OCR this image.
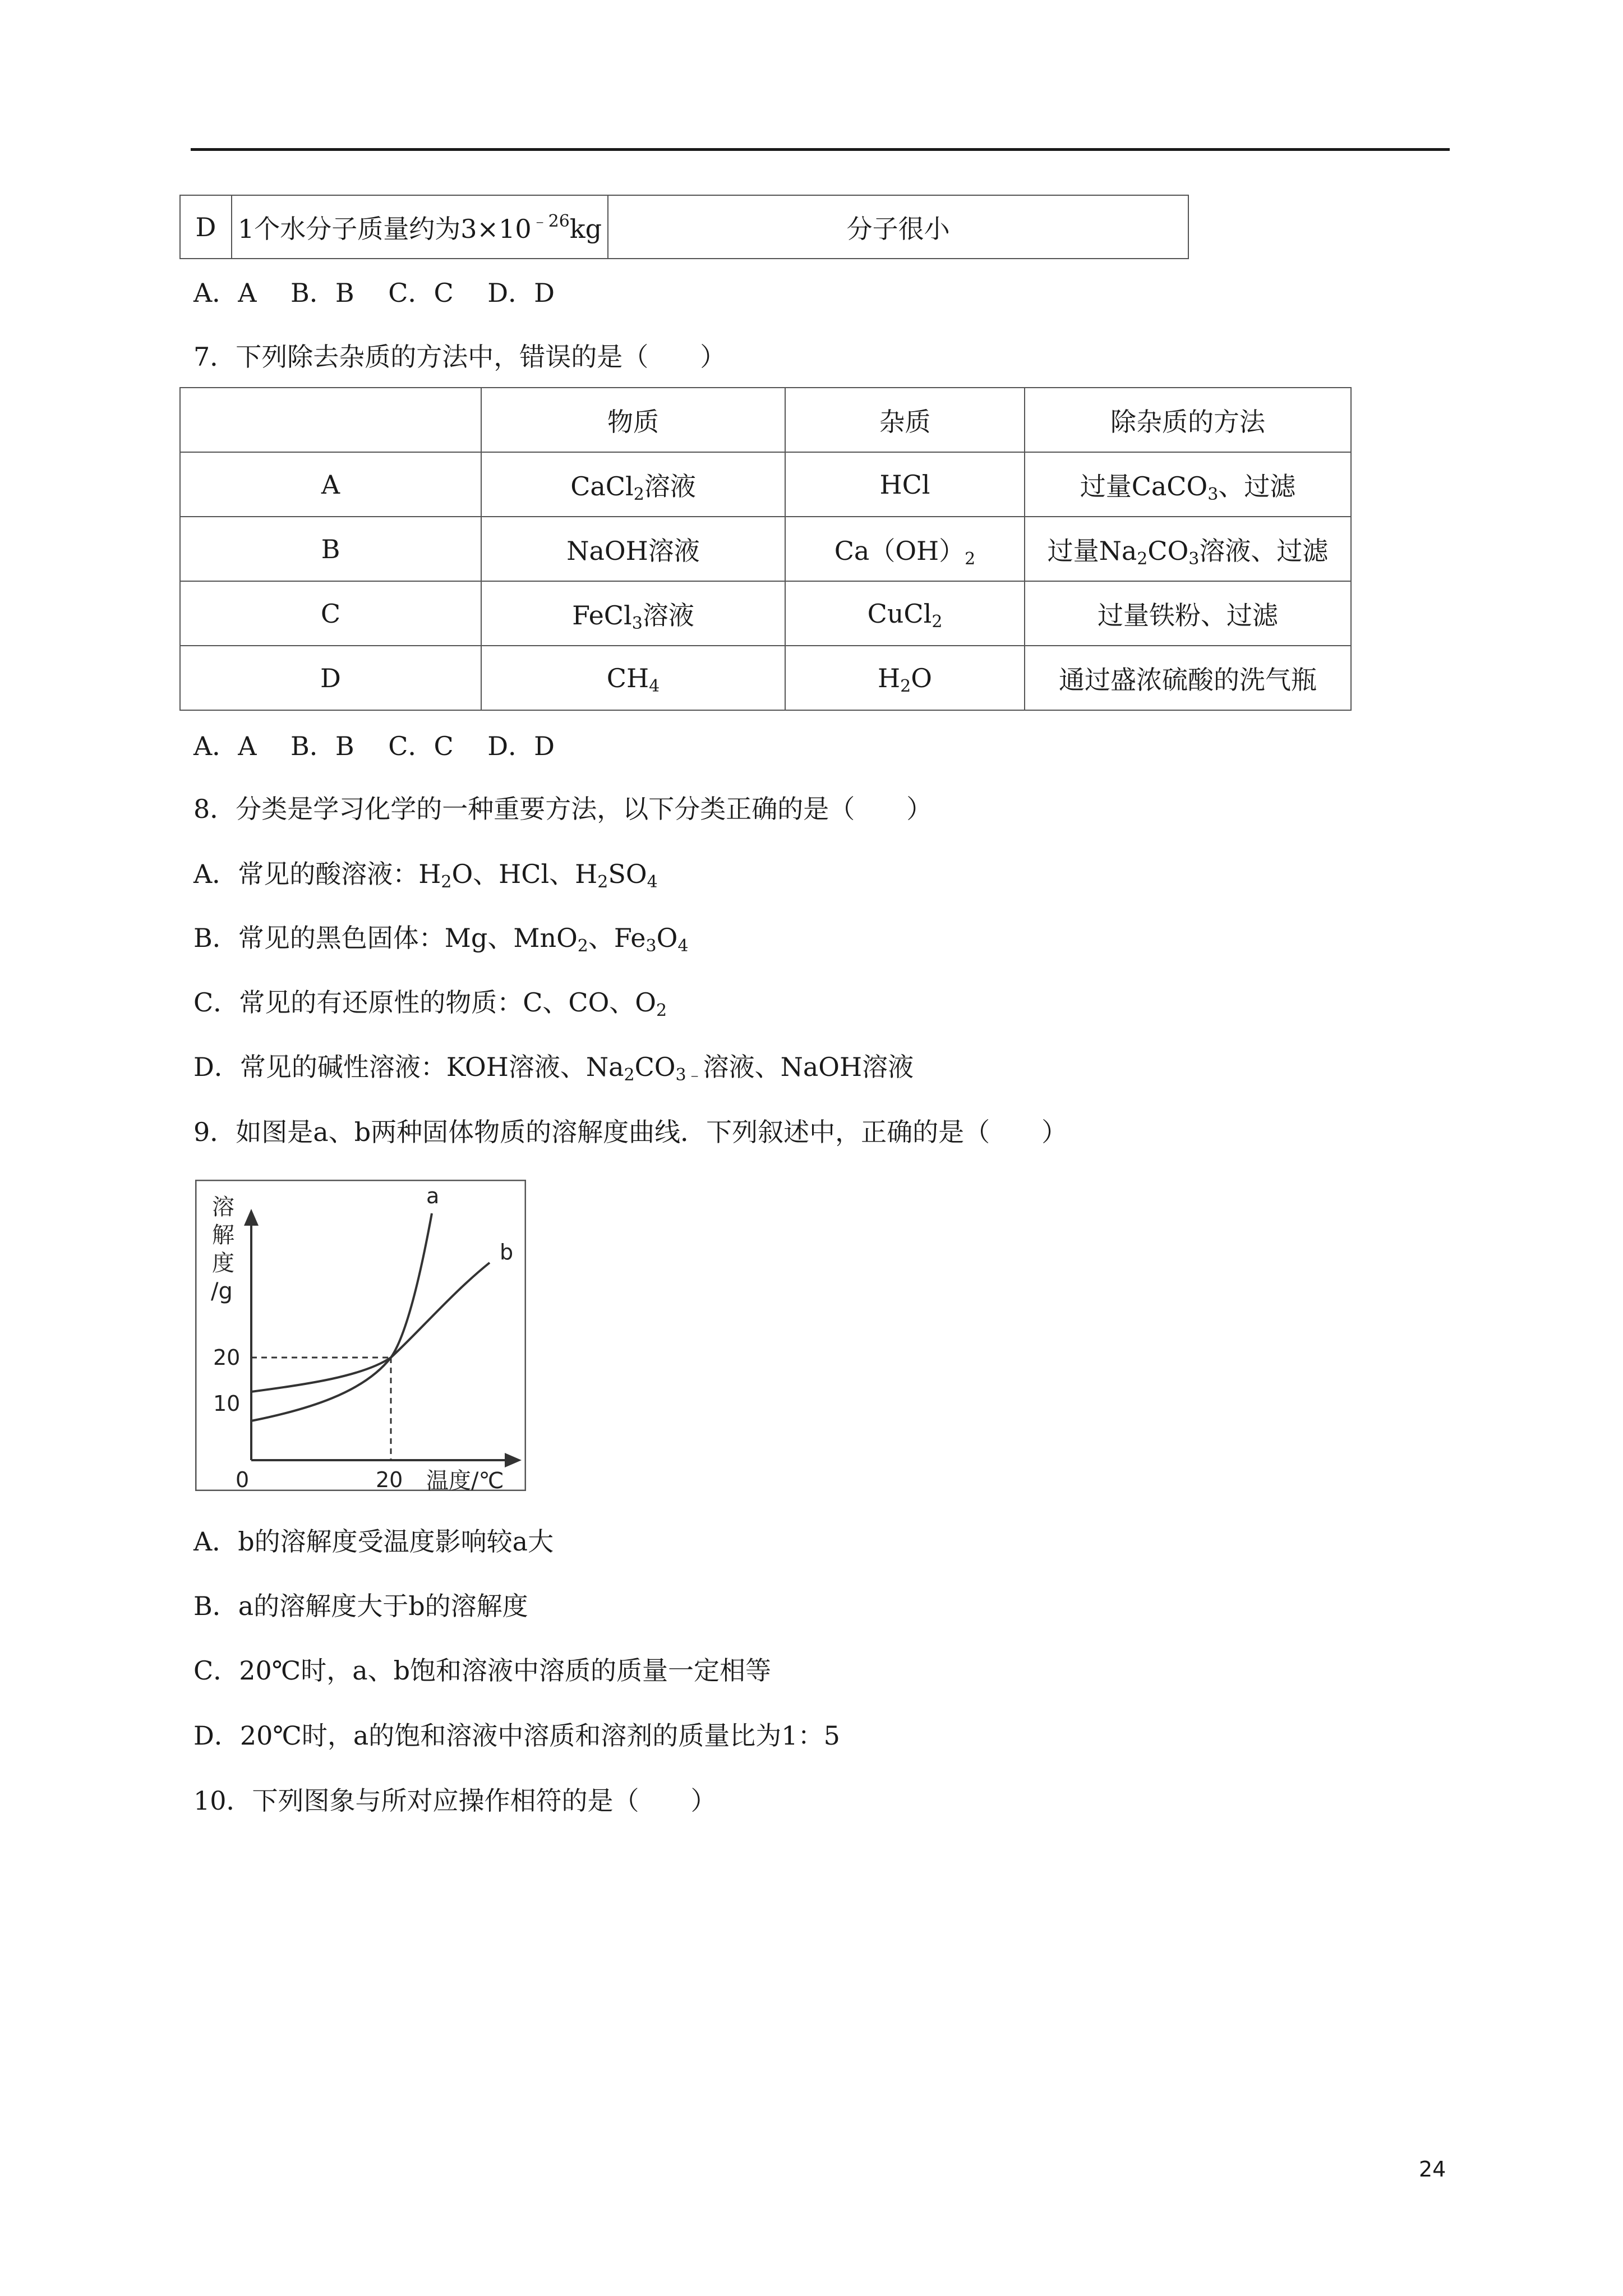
D	1个水分子质量约为$3\times 10^{﹣26}kg$	分子很小
A．A　 B．B　 C．C　 D．D
7．下列除去杂质的方法中，错误的是（　　）
	物质	杂质	除杂质的方法
A	CaCl$_2$溶液	HCl	过量CaCO$_3$、过滤
B	NaOH溶液	$Ca(OH)_2$	过量$Na_2CO_3$溶液、过滤
C	FeCl$_3$溶液	CuCl$_2$	过量铁粉、过滤
D	$CH_4$	$H_2O$	通过盛浓硫酸的洗气瓶
A．A　 B．B　 C．C　 D．D
8．分类是学习化学的一种重要方法，以下分类正确的是（　　）
A．常见的酸溶液：$H_2O$、HCl、$H_2SO_4$
B．常见的黑色固体：Mg、MnO$_2$、$Fe_3O_4$
C．常见的有还原性的物质：C、CO、$O_2$
D．常见的碱性溶液：KOH溶液、$Na_2CO_{3﹣}$溶液、NaOH溶液
9．如图是a、b两种固体物质的溶解度曲线．下列叙述中，正确的是（　　）
溶
解
度
/g
20
10
0	20 温度/℃
a
b
A．b的溶解度受温度影响较a大
B．a的溶解度大于b的溶解度
C．20℃时，a、b饱和溶液中溶质的质量一定相等
D．20℃时，a的饱和溶液中溶质和溶剂的质量比为1：5
10．下列图象与所对应操作相符的是（　　）
24
